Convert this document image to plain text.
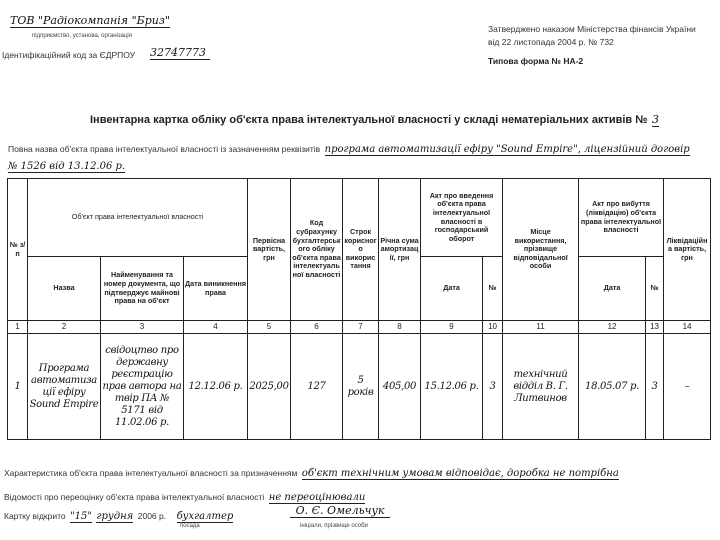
ТОВ "Радіокомпанія "Бриз"
підприємство, установа, організація
Ідентифікаційний код за ЄДРПОУ 32747773
Затверджено наказом Міністерства фінансів України
від 22 листопада 2004 р. № 732
Типова форма № НА-2
Інвентарна картка обліку об'єкта права інтелектуальної власності у складі нематеріальних активів № 3
Повна назва об'єкта права інтелектуальної власності із зазначенням реквізитів програма автоматизації ефіру "Sound Empire", ліцензійний договір
№ 1526 від 13.12.06 р.
№ з/п	Об'єкт права інтелектуальної власності			Первісна вартість, грн	Код субрахунку бухгалтерського обліку об'єкта права інтелектуальної власності	Строк корисного використання	Річна сума амортизації, грн	Акт про введення об'єкта права інтелектуальної власності в господарський оборот		Місце використання, прізвище відповідальної особи	Акт про вибуття (ліквідацію) об'єкта права інтелектуальної власності		Ліквідаційна вартість, грн
	Назва	Найменування та номер документа, що підтверджує майнові права на об'єкт	Дата виникнення права					Дата	№		Дата	№	
1	2	3	4	5	6	7	8	9	10	11	12	13	14
1	Програма автоматизації ефіру Sound Empire	свідоцтво про державну реєстрацію прав автора на твір ПА № 5171 від 11.02.06 р.	12.12.06 р.	2025,00	127	5 років	405,00	15.12.06 р.	3	технічний відділ В. Г. Литвинов	18.05.07 р.	3	–
Характеристика об'єкта права інтелектуальної власності за призначенням об'єкт технічним умовам відповідає, доробка не потрібна
Відомості про переоцінку об'єкта права інтелектуальної власності не переоцінювали
Картку відкрито "15" грудня 2006 р. бухгалтер
посада
О. Є. Омельчук
ініціали, прізвище особи
